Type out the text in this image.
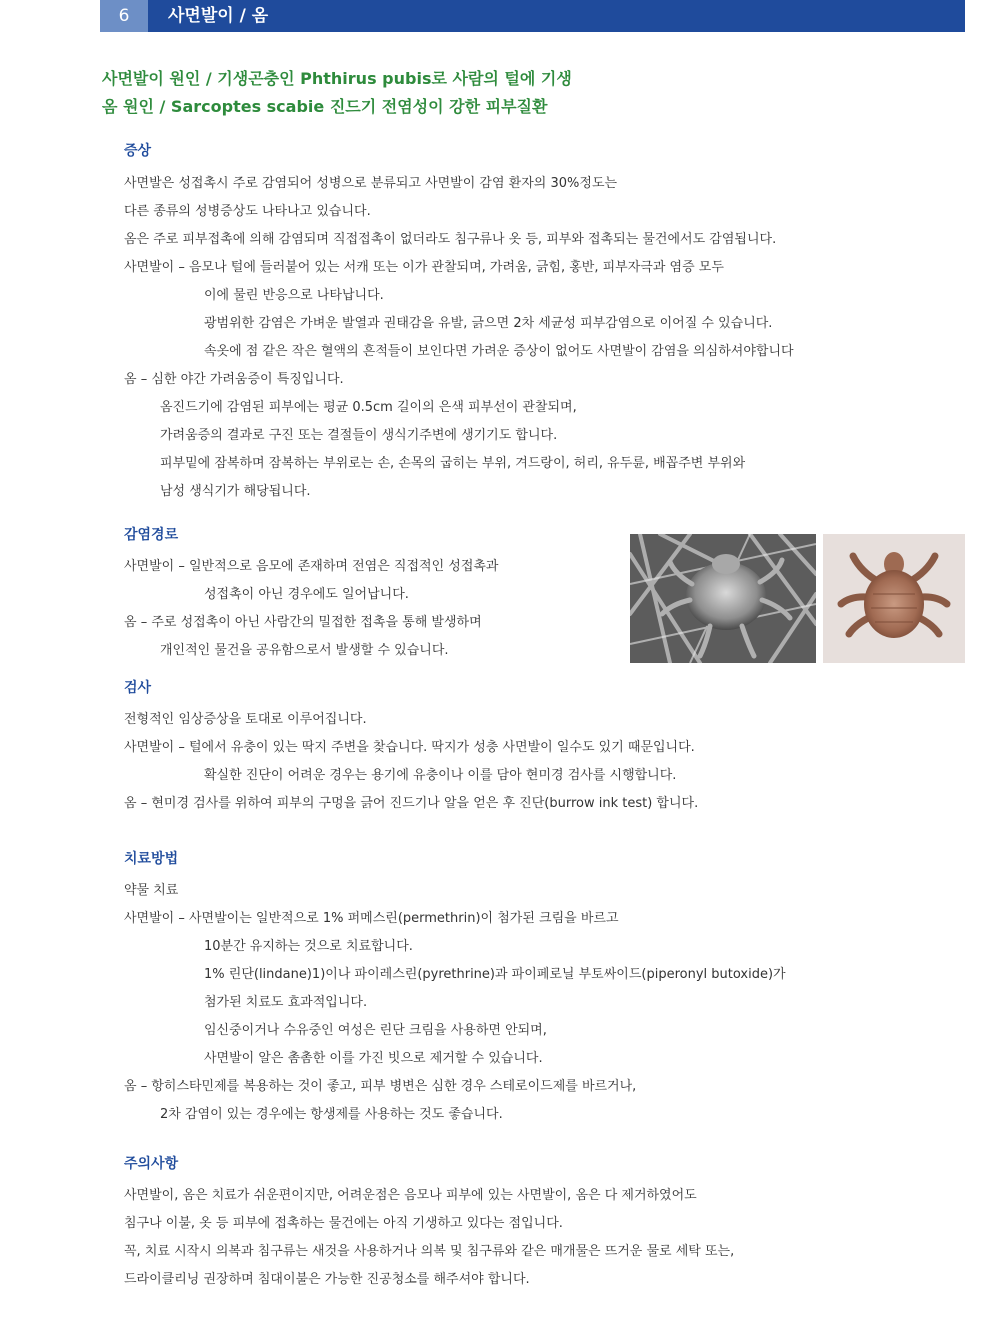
6	사면발이 / 옴
사면발이 원인 / 기생곤충인 Phthirus pubis로 사람의 털에 기생
옴 원인 / Sarcoptes scabie 진드기 전염성이 강한 피부질환
증상
사면발은 성접촉시 주로 감염되어 성병으로 분류되고 사면발이 감염 환자의 30%정도는
다른 종류의 성병증상도 나타나고 있습니다.
옴은 주로 피부접촉에 의해 감염되며 직접접촉이 없더라도 침구류나 옷 등, 피부와 접촉되는 물건에서도 감염됩니다.
사면발이 – 음모나 털에 들러붙어 있는 서캐 또는 이가 관찰되며, 가려움, 긁힘, 홍반, 피부자극과 염증 모두
이에 물린 반응으로 나타납니다.
광범위한 감염은 가벼운 발열과 권태감을 유발, 긁으면 2차 세균성 피부감염으로 이어질 수 있습니다.
속옷에 점 같은 작은 혈액의 흔적들이 보인다면 가려운 증상이 없어도 사면발이 감염을 의심하셔야합니다
옴 – 심한 야간 가려움증이 특징입니다.
옴진드기에 감염된 피부에는 평균 0.5cm 길이의 은색 피부선이 관찰되며,
가려움증의 결과로 구진 또는 결절들이 생식기주변에 생기기도 합니다.
피부밑에 잠복하며 잠복하는 부위로는 손, 손목의 굽히는 부위, 겨드랑이, 허리, 유두륜, 배꼽주변 부위와
남성 생식기가 해당됩니다.
감염경로
사면발이 – 일반적으로 음모에 존재하며 전염은 직접적인 성접촉과
성접촉이 아닌 경우에도 일어납니다.
옴 – 주로 성접촉이 아닌 사람간의 밀접한 접촉을 통해 발생하며
개인적인 물건을 공유함으로서 발생할 수 있습니다.
검사
전형적인 임상증상을 토대로 이루어집니다.
사면발이 – 털에서 유충이 있는 딱지 주변을 찾습니다. 딱지가 성충 사면발이 일수도 있기 때문입니다.
확실한 진단이 어려운 경우는 용기에 유충이나 이를 담아 현미경 검사를 시행합니다.
옴 – 현미경 검사를 위하여 피부의 구멍을 긁어 진드기나 알을 얻은 후 진단(burrow ink test) 합니다.
치료방법
약물 치료
사면발이 – 사면발이는 일반적으로 1% 퍼메스린(permethrin)이 첨가된 크림을 바르고
10분간 유지하는 것으로 치료합니다.
1% 린단(lindane)1)이나 파이레스린(pyrethrine)과 파이페로닐 부토싸이드(piperonyl butoxide)가
첨가된 치료도 효과적입니다.
임신중이거나 수유중인 여성은 린단 크림을 사용하면 안되며,
사면발이 알은 촘촘한 이를 가진 빗으로 제거할 수 있습니다.
옴 – 항히스타민제를 복용하는 것이 좋고, 피부 병변은 심한 경우 스테로이드제를 바르거나,
2차 감염이 있는 경우에는 항생제를 사용하는 것도 좋습니다.
주의사항
사면발이, 옴은 치료가 쉬운편이지만, 어려운점은 음모나 피부에 있는 사면발이, 옴은 다 제거하였어도
침구나 이불, 옷 등 피부에 접촉하는 물건에는 아직 기생하고 있다는 점입니다.
꼭, 치료 시작시 의복과 침구류는 새것을 사용하거나 의복 및 침구류와 같은 매개물은 뜨거운 물로 세탁 또는,
드라이클리닝 권장하며 침대이불은 가능한 진공청소를 해주셔야 합니다.
